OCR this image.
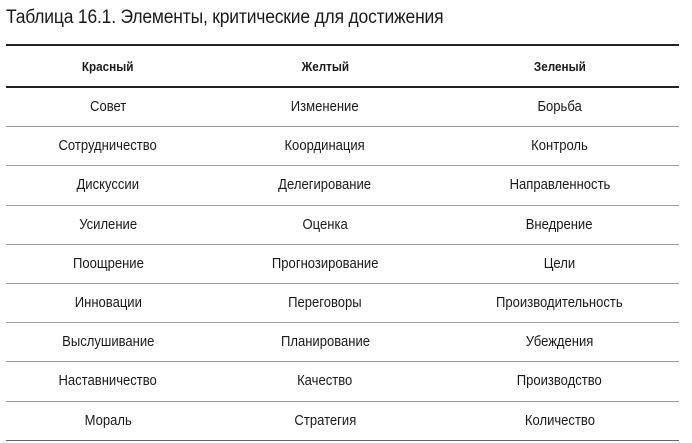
Таблица 16.1. Элементы, критические для достижения
Красный	Желтый	Зеленый
Совет	Изменение	Борьба
Сотрудничество	Координация	Контроль
Дискуссии	Делегирование	Направленность
Усиление	Оценка	Внедрение
Поощрение	Прогнозирование	Цели
Инновации	Переговоры	Производительность
Выслушивание	Планирование	Убеждения
Наставничество	Качество	Производство
Мораль	Стратегия	Количество
